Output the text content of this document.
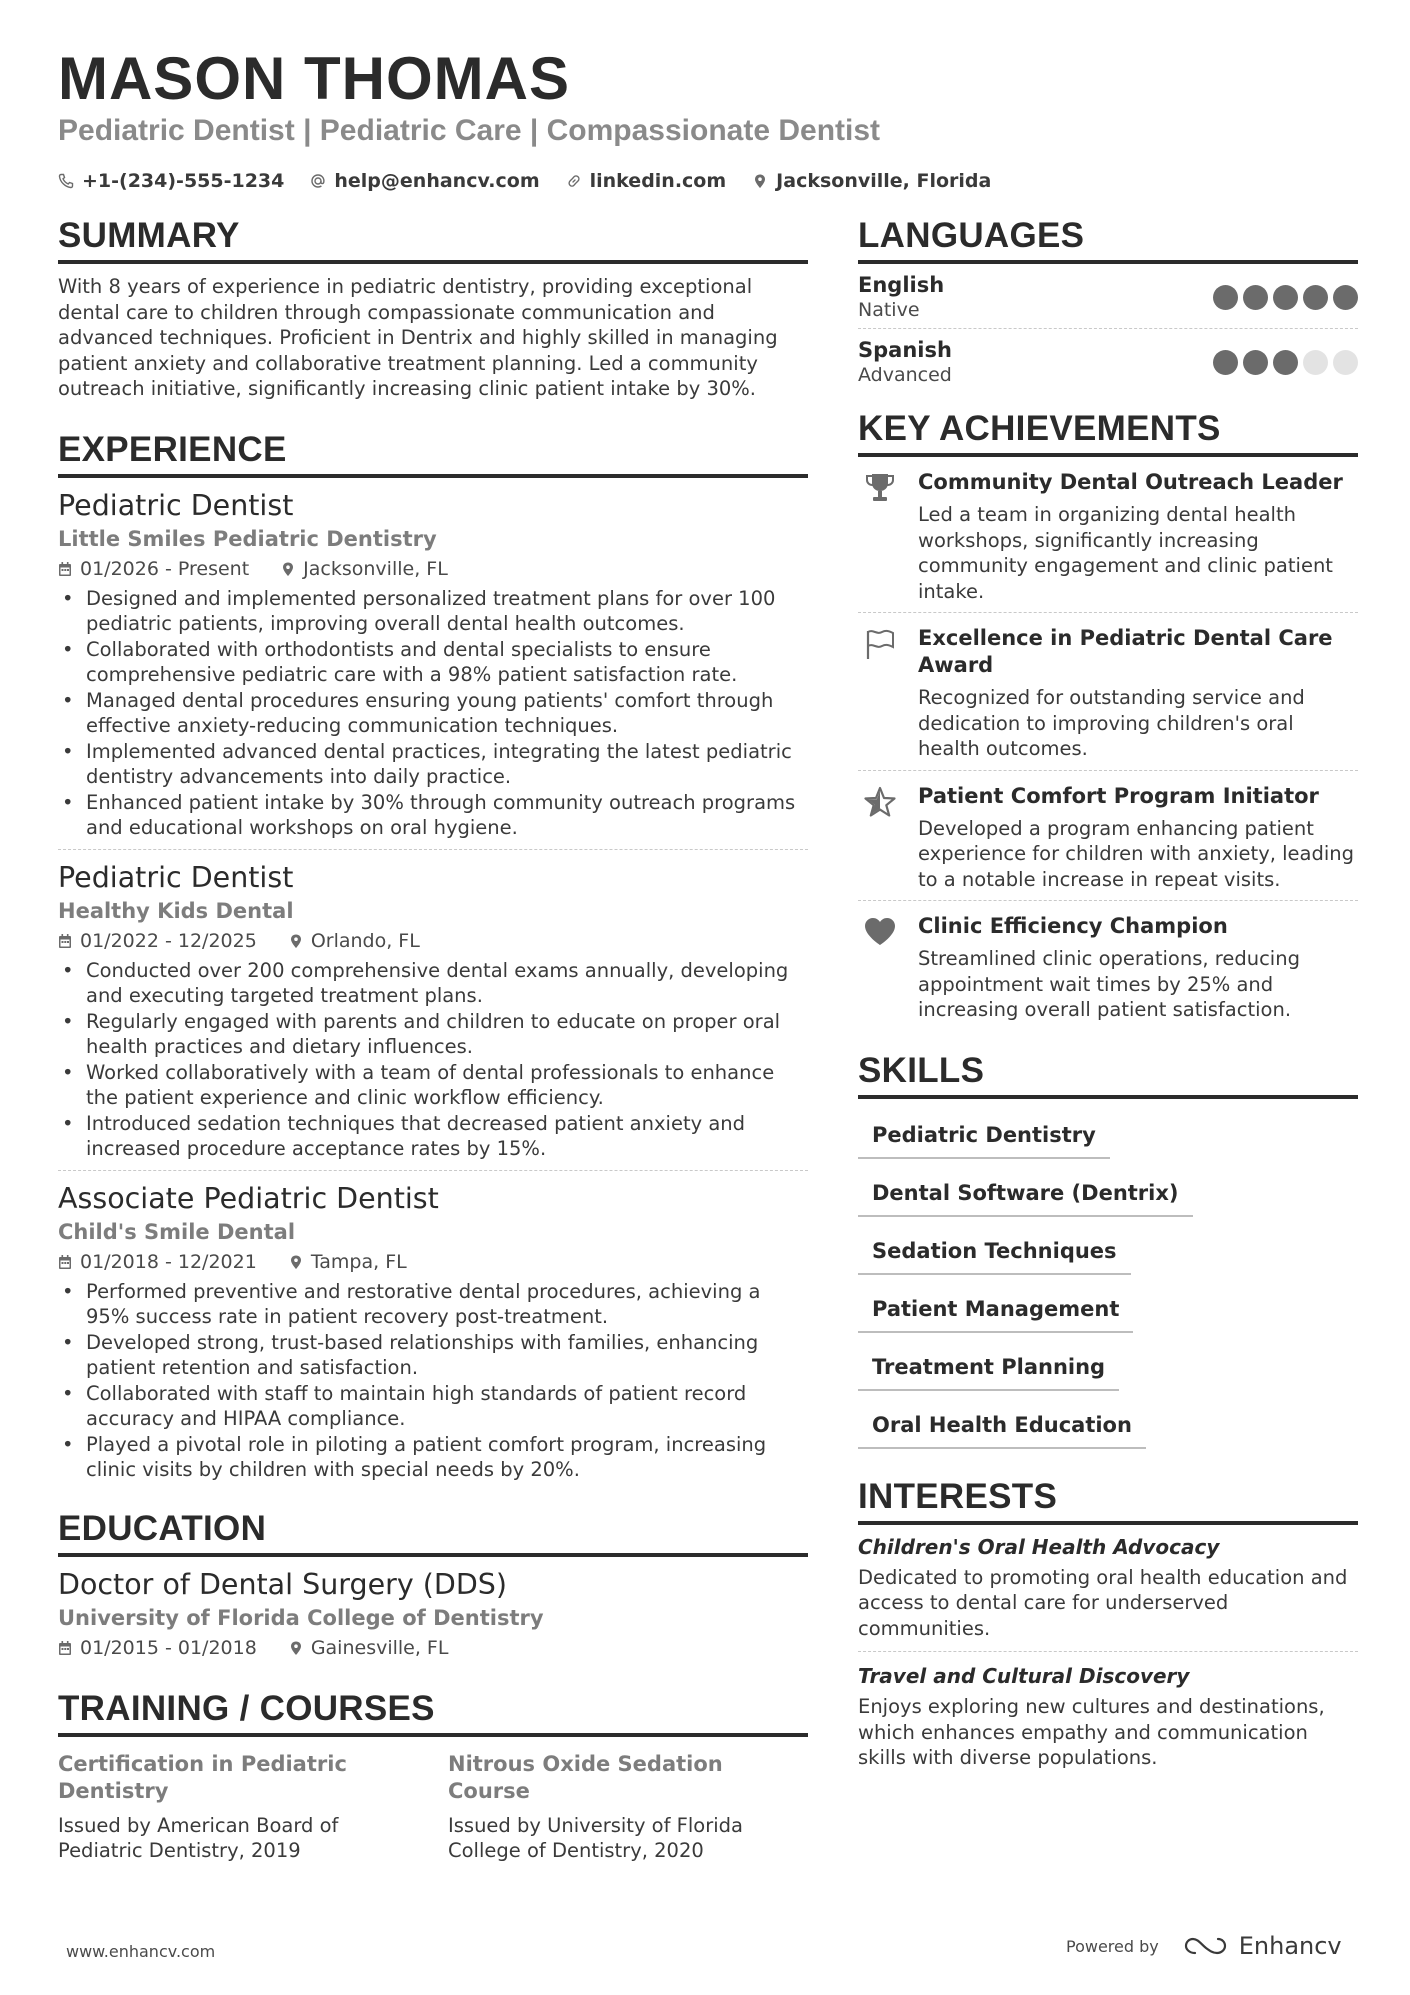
MASON THOMAS
Pediatric Dentist | Pediatric Care | Compassionate Dentist
+1-(234)-555-1234	help@enhancv.com	linkedin.com	Jacksonville, Florida
SUMMARY
With 8 years of experience in pediatric dentistry, providing exceptional dental care to children through compassionate communication and advanced techniques. Proficient in Dentrix and highly skilled in managing patient anxiety and collaborative treatment planning. Led a community outreach initiative, significantly increasing clinic patient intake by 30%.
EXPERIENCE
Pediatric Dentist
Little Smiles Pediatric Dentistry
01/2026 - Present	Jacksonville, FL
• Designed and implemented personalized treatment plans for over 100 pediatric patients, improving overall dental health outcomes.
• Collaborated with orthodontists and dental specialists to ensure comprehensive pediatric care with a 98% patient satisfaction rate.
• Managed dental procedures ensuring young patients' comfort through effective anxiety-reducing communication techniques.
• Implemented advanced dental practices, integrating the latest pediatric dentistry advancements into daily practice.
• Enhanced patient intake by 30% through community outreach programs and educational workshops on oral hygiene.
Pediatric Dentist
Healthy Kids Dental
01/2022 - 12/2025	Orlando, FL
• Conducted over 200 comprehensive dental exams annually, developing and executing targeted treatment plans.
• Regularly engaged with parents and children to educate on proper oral health practices and dietary influences.
• Worked collaboratively with a team of dental professionals to enhance the patient experience and clinic workflow efficiency.
• Introduced sedation techniques that decreased patient anxiety and increased procedure acceptance rates by 15%.
Associate Pediatric Dentist
Child's Smile Dental
01/2018 - 12/2021	Tampa, FL
• Performed preventive and restorative dental procedures, achieving a 95% success rate in patient recovery post-treatment.
• Developed strong, trust-based relationships with families, enhancing patient retention and satisfaction.
• Collaborated with staff to maintain high standards of patient record accuracy and HIPAA compliance.
• Played a pivotal role in piloting a patient comfort program, increasing clinic visits by children with special needs by 20%.
EDUCATION
Doctor of Dental Surgery (DDS)
University of Florida College of Dentistry
01/2015 - 01/2018	Gainesville, FL
TRAINING / COURSES
Certification in Pediatric Dentistry
Issued by American Board of Pediatric Dentistry, 2019
Nitrous Oxide Sedation Course
Issued by University of Florida College of Dentistry, 2020
LANGUAGES
English
Native
Spanish
Advanced
KEY ACHIEVEMENTS
Community Dental Outreach Leader
Led a team in organizing dental health workshops, significantly increasing community engagement and clinic patient intake.
Excellence in Pediatric Dental Care Award
Recognized for outstanding service and dedication to improving children's oral health outcomes.
Patient Comfort Program Initiator
Developed a program enhancing patient experience for children with anxiety, leading to a notable increase in repeat visits.
Clinic Efficiency Champion
Streamlined clinic operations, reducing appointment wait times by 25% and increasing overall patient satisfaction.
SKILLS
Pediatric Dentistry
Dental Software (Dentrix)
Sedation Techniques
Patient Management
Treatment Planning
Oral Health Education
INTERESTS
Children's Oral Health Advocacy
Dedicated to promoting oral health education and access to dental care for underserved communities.
Travel and Cultural Discovery
Enjoys exploring new cultures and destinations, which enhances empathy and communication skills with diverse populations.
www.enhancv.com	Powered by	Enhancv
